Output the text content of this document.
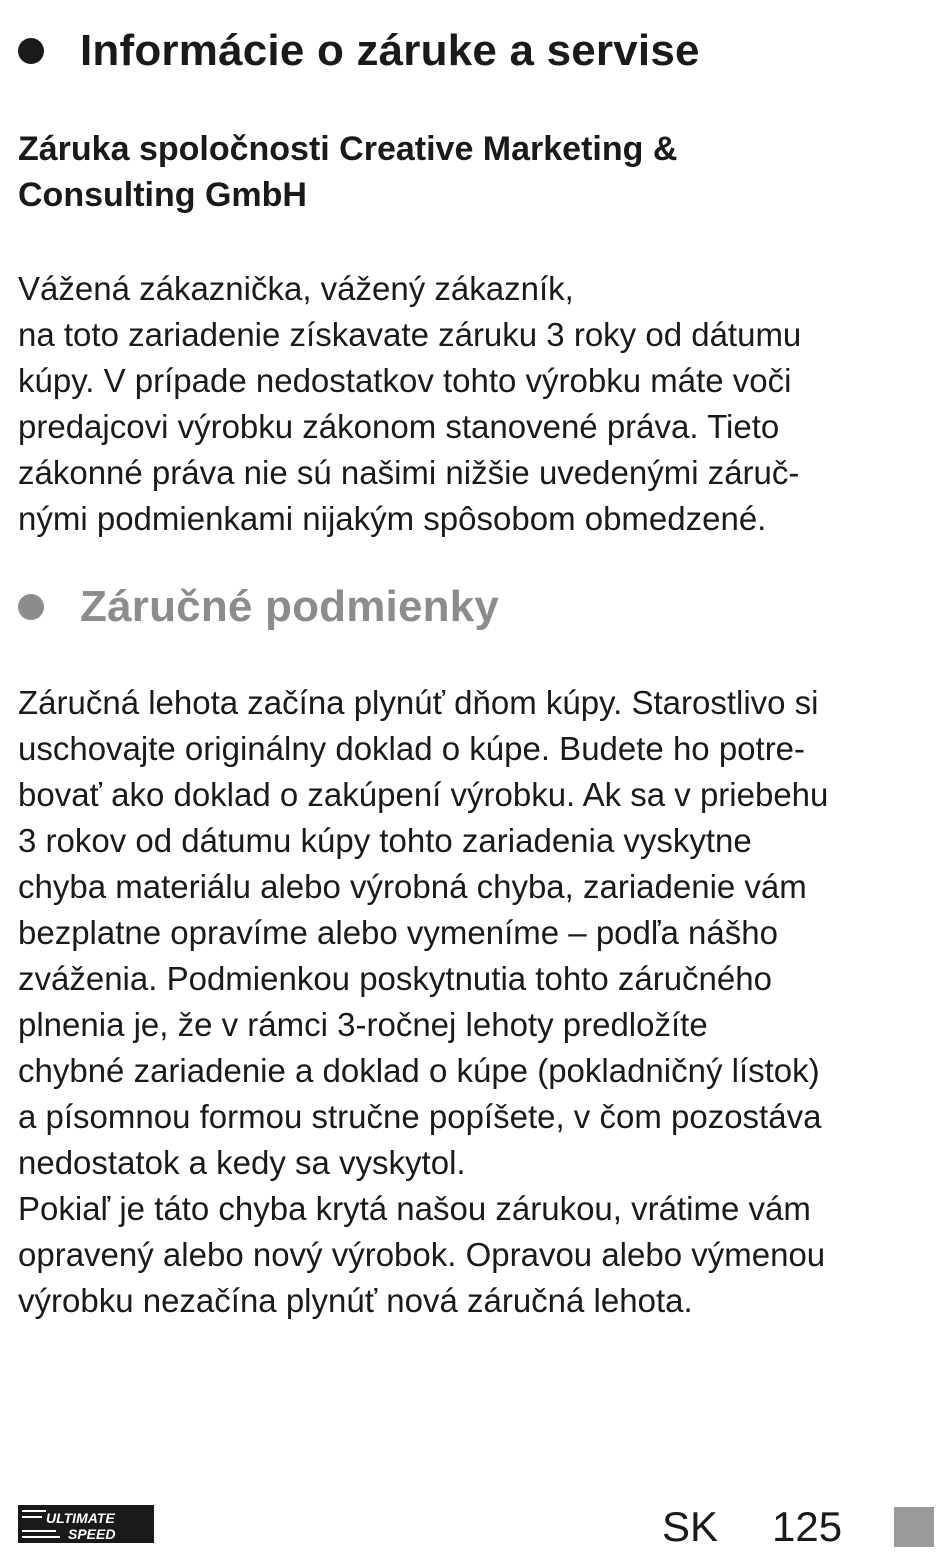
Informácie o záruke a servise
Záruka spoločnosti Creative Marketing &
Consulting GmbH
Vážená zákaznička, vážený zákazník,
na toto zariadenie získavate záruku 3 roky od dátumu
kúpy. V prípade nedostatkov tohto výrobku máte voči
predajcovi výrobku zákonom stanovené práva. Tieto
zákonné práva nie sú našimi nižšie uvedenými záruč-
nými podmienkami nijakým spôsobom obmedzené.
Záručné podmienky
Záručná lehota začína plynúť dňom kúpy. Starostlivo si
uschovajte originálny doklad o kúpe. Budete ho potre-
bovať ako doklad o zakúpení výrobku. Ak sa v priebehu
3 rokov od dátumu kúpy tohto zariadenia vyskytne
chyba materiálu alebo výrobná chyba, zariadenie vám
bezplatne opravíme alebo vymeníme – podľa nášho
zváženia. Podmienkou poskytnutia tohto záručného
plnenia je, že v rámci 3-ročnej lehoty predložíte
chybné zariadenie a doklad o kúpe (pokladničný lístok)
a písomnou formou stručne popíšete, v čom pozostáva
nedostatok a kedy sa vyskytol.
Pokiaľ je táto chyba krytá našou zárukou, vrátime vám
opravený alebo nový výrobok. Opravou alebo výmenou
výrobku nezačína plynúť nová záručná lehota.
ULTIMATE
SPEED	SK 125
